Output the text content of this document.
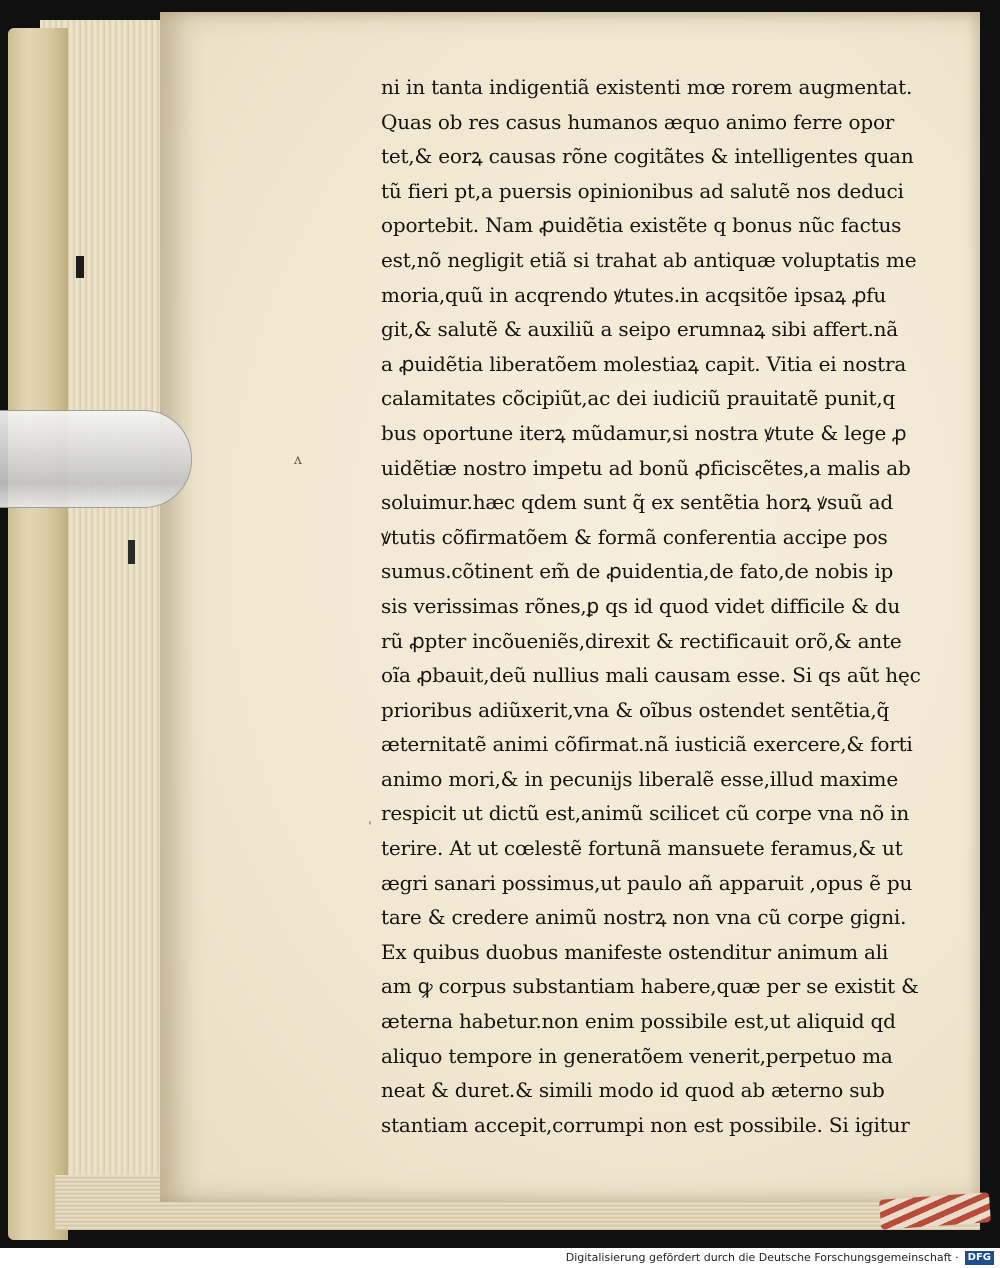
ʌ
ˈ
ni in tanta indigentiã existenti mœ rorem augmentat.
Quas ob res casus humanos æquo animo ferre opor
tet,& eorꝝ causas rõne cogitãtes & intelligentes quan
tũ fieri pt,a puersis opinionibus ad salutẽ nos deduci
oportebit. Nam ꝓuidẽtia existẽte q bonus nũc factus
est,nõ negligit etiã si trahat ab antiquæ voluptatis me
moria,quũ in acqrendo ꝟtutes.in acqsitõe ipsaꝝ ꝓfu
git,& salutẽ & auxiliũ a seipo erumnaꝝ sibi affert.nã
a ꝓuidẽtia liberatõem molestiaꝝ capit. Vitia ei nostra
calamitates cõcipiũt,ac dei iudiciũ prauitatẽ punit,q
bus oportune iterꝝ mũdamur,si nostra ꝟtute & lege ꝓ
uidẽtiæ nostro impetu ad bonũ ꝓficiscẽtes,a malis ab
soluimur.hæc qdem sunt q̃ ex sentẽtia horꝝ ꝟsuũ ad
ꝟtutis cõfirmatõem & formã conferentia accipe pos
sumus.cõtinent em̃ de ꝓuidentia,de fato,de nobis ip
sis verissimas rõnes,ꝑ qs id quod videt difficile & du
rũ ꝓpter incõueniẽs,direxit & rectificauit orõ,& ante
oĩa ꝓbauit,deũ nullius mali causam esse. Si qs aũt hęc
prioribus adiũxerit,vna & oĩbus ostendet sentẽtia,q̃
æternitatẽ animi cõfirmat.nã iusticiã exercere,& forti
animo mori,& in pecunijs liberalẽ esse,illud maxime
respicit ut dictũ est,animũ scilicet cũ corpe vna nõ in
terire. At ut cœlestẽ fortunã mansuete feramus,& ut
ægri sanari possimus,ut paulo añ apparuit ,opus ẽ pu
tare & credere animũ nostrꝝ non vna cũ corpe gigni.
Ex quibus duobus manifeste ostenditur animum ali
am ꝙ corpus substantiam habere,quæ per se existit &
æterna habetur.non enim possibile est,ut aliquid qd
aliquo tempore in generatõem venerit,perpetuo ma
neat & duret.& simili modo id quod ab æterno sub
stantiam accepit,corrumpi non est possibile. Si igitur
Digitalisierung gefördert durch die Deutsche Forschungsgemeinschaft · DFG
